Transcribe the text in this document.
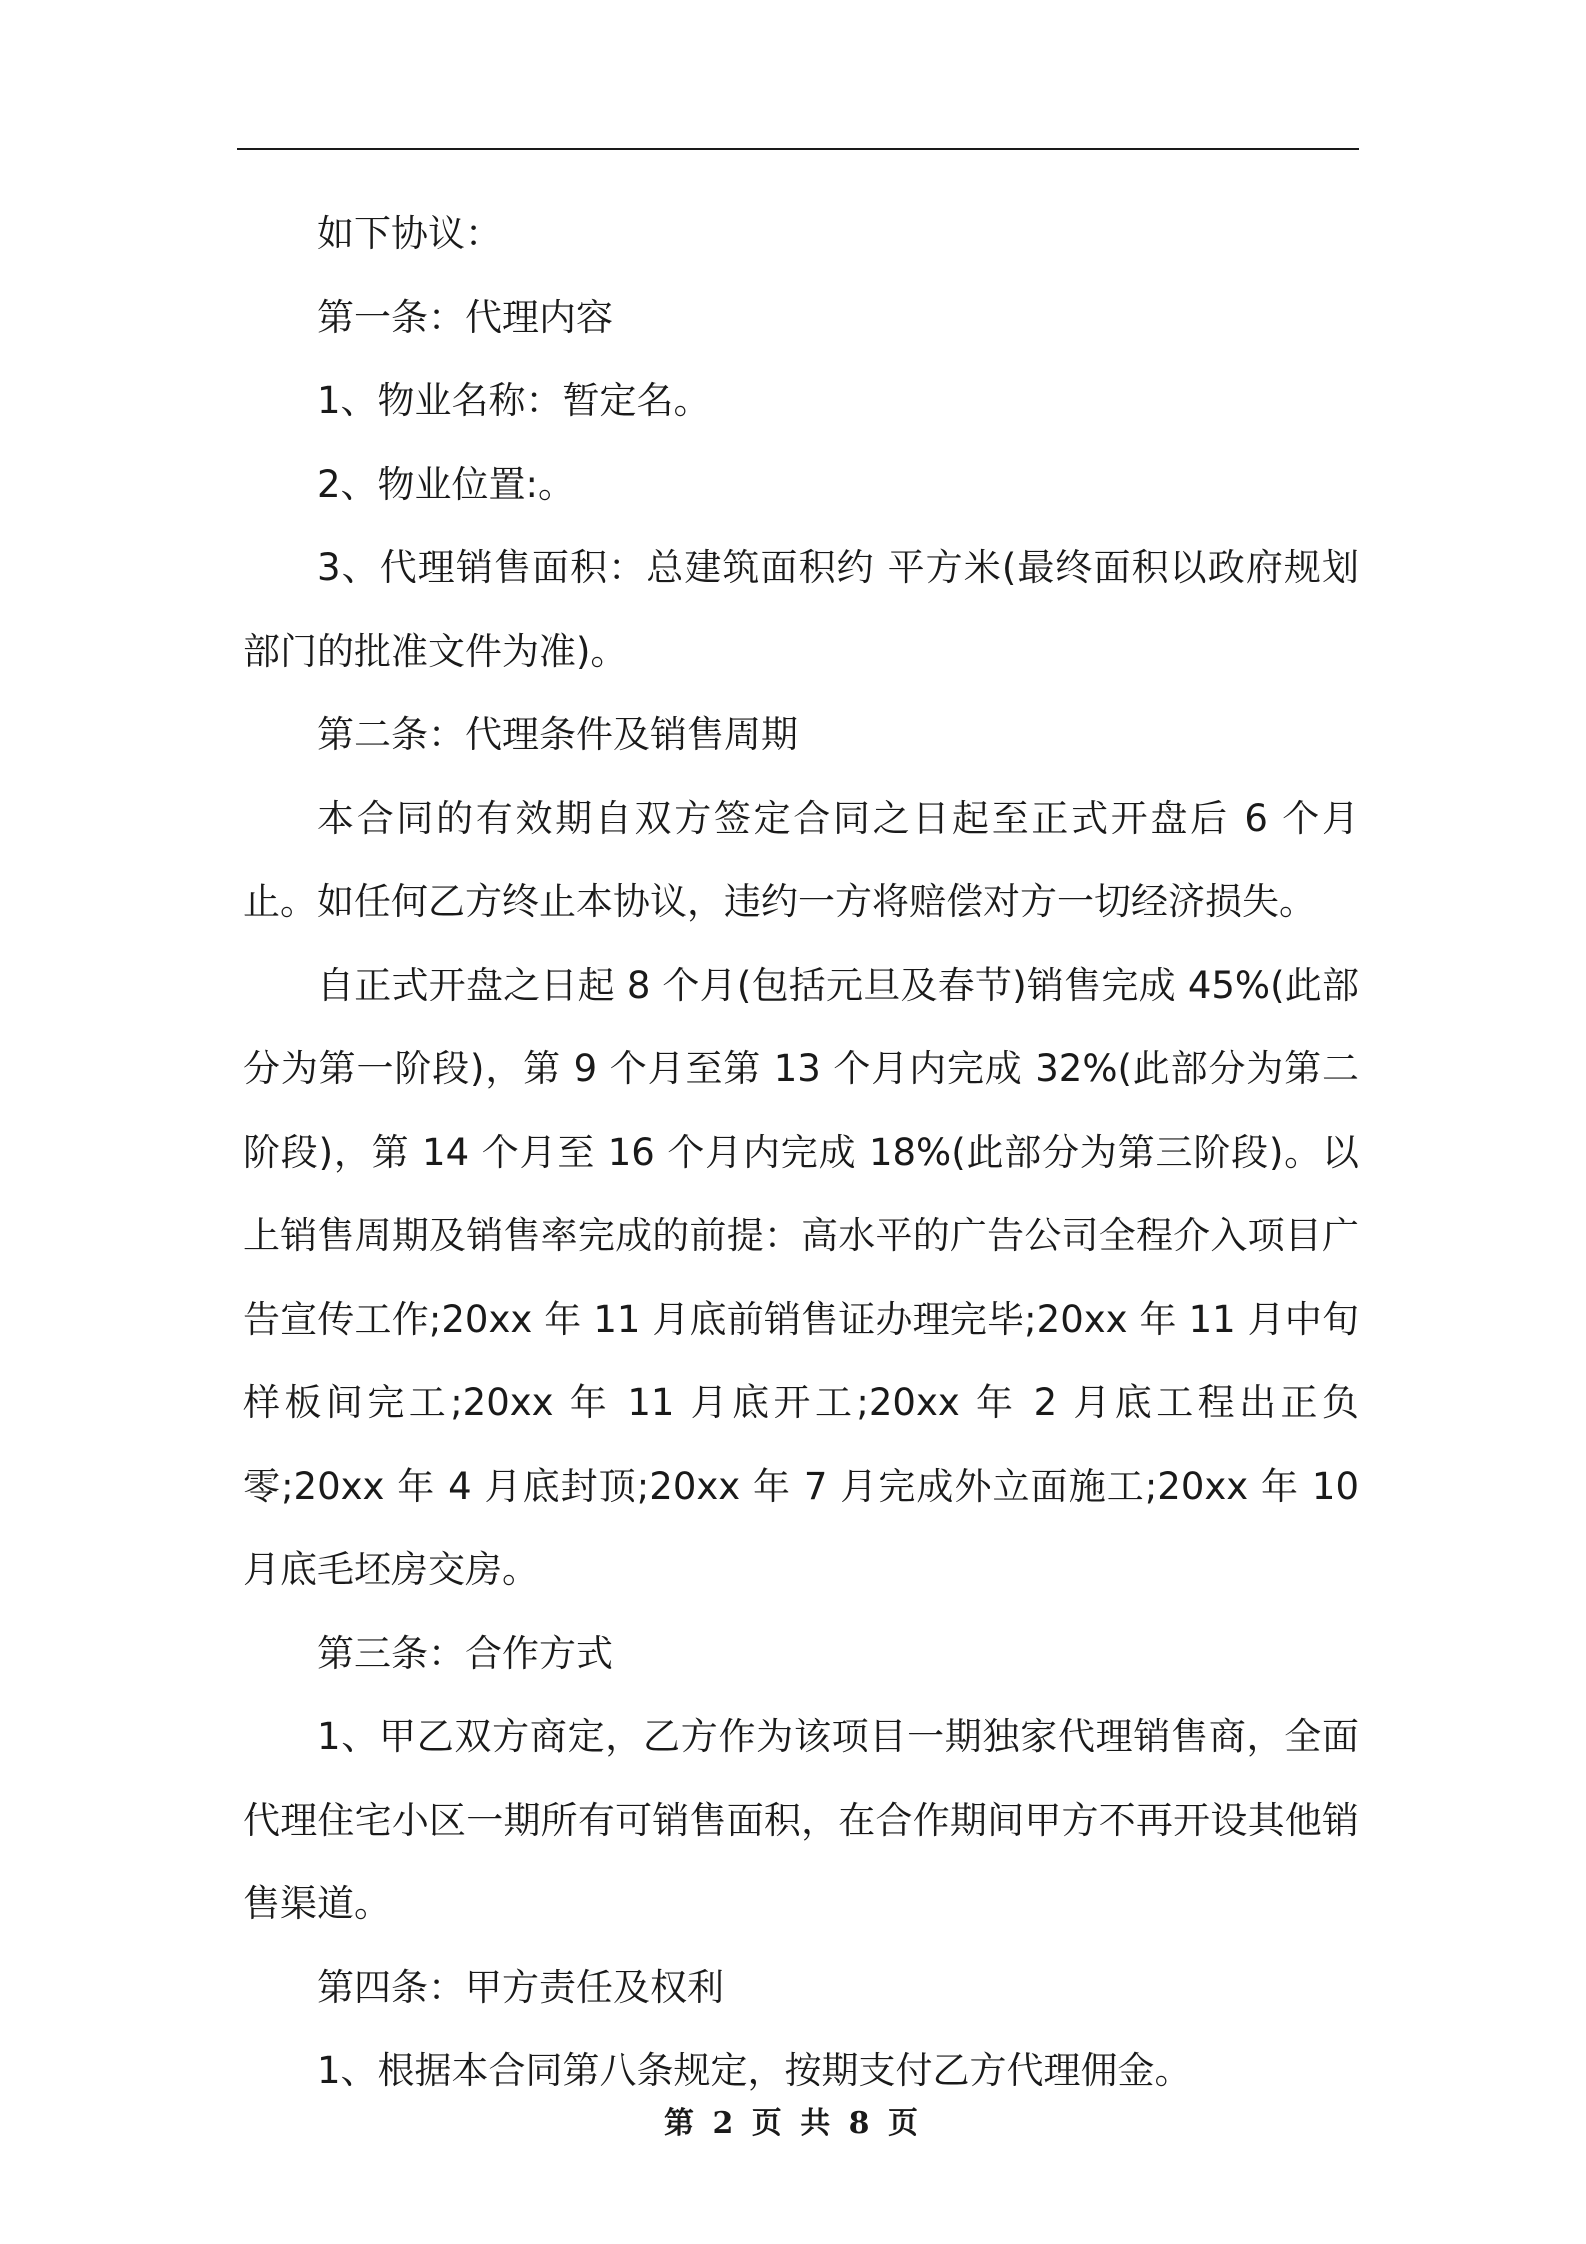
如下协议：

第一条：代理内容

1、物业名称：暂定名。

2、物业位置:。

3、代理销售面积：总建筑面积约 平方米(最终面积以政府规划部门的批准文件为准)。

第二条：代理条件及销售周期

本合同的有效期自双方签定合同之日起至正式开盘后 6 个月止。如任何乙方终止本协议，违约一方将赔偿对方一切经济损失。

自正式开盘之日起 8 个月(包括元旦及春节)销售完成 45%(此部分为第一阶段)，第 9 个月至第 13 个月内完成 32%(此部分为第二阶段)，第 14 个月至 16 个月内完成 18%(此部分为第三阶段)。以上销售周期及销售率完成的前提：高水平的广告公司全程介入项目广告宣传工作;20xx 年 11 月底前销售证办理完毕;20xx 年 11 月中旬样板间完工;20xx 年 11 月底开工;20xx 年 2 月底工程出正负零;20xx 年 4 月底封顶;20xx 年 7 月完成外立面施工;20xx 年 10 月底毛坯房交房。

第三条：合作方式

1、甲乙双方商定，乙方作为该项目一期独家代理销售商，全面代理住宅小区一期所有可销售面积，在合作期间甲方不再开设其他销售渠道。

第四条：甲方责任及权利

1、根据本合同第八条规定，按期支付乙方代理佣金。

第 2 页 共 8 页
